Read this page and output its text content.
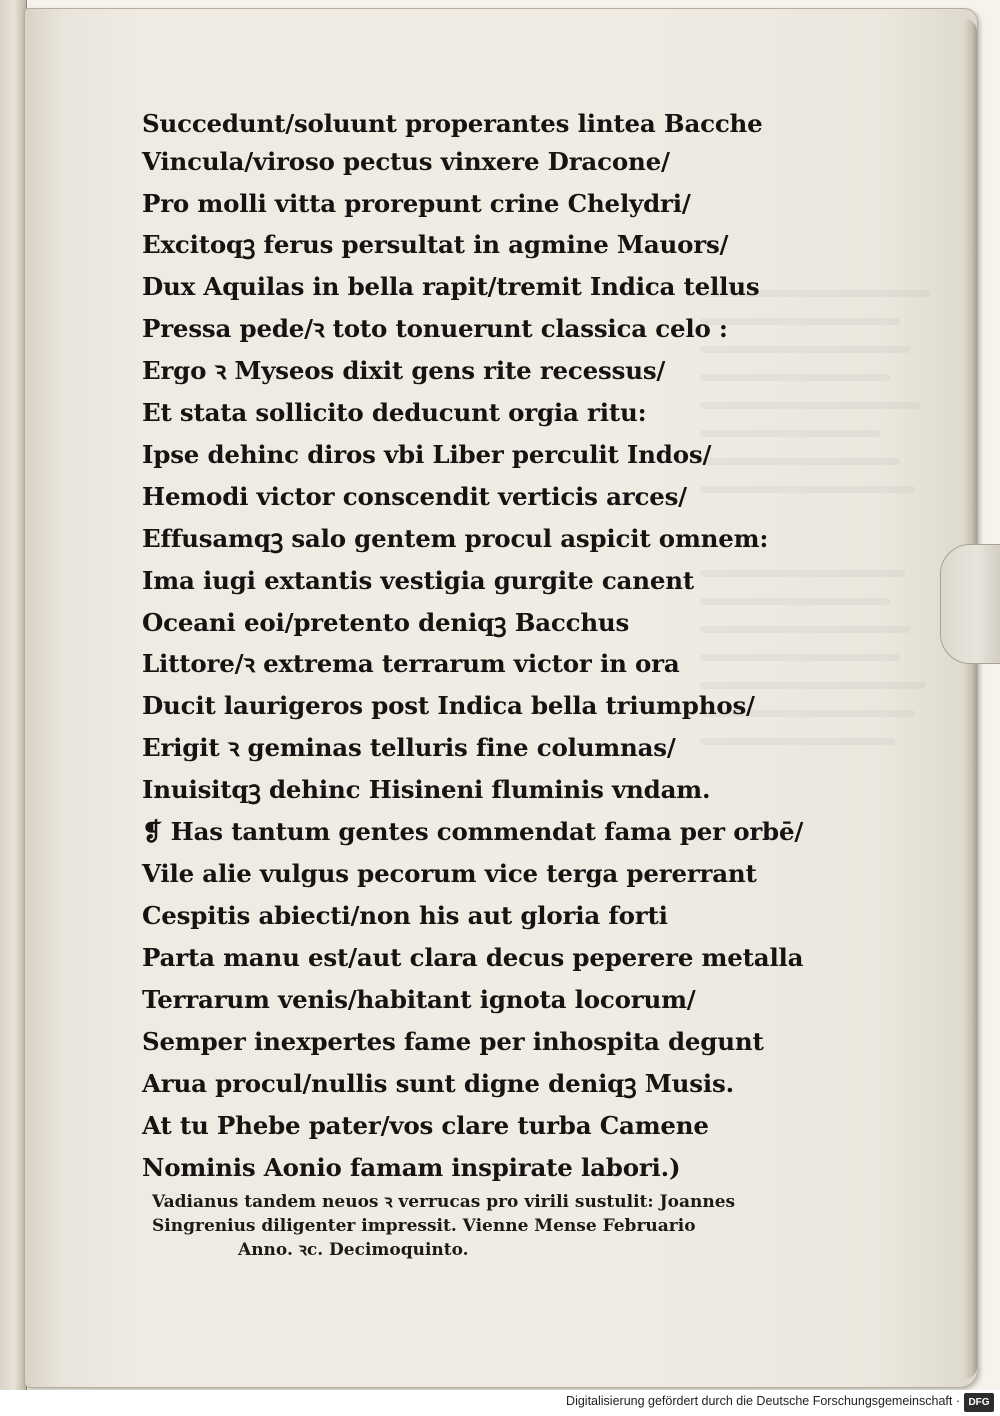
Succedunt/soluunt properantes lintea Bacche
Vincula/viroso pectus vinxere Dracone/
Pro molli vitta prorepunt crine Chelydri/
Excitoqꝫ ferus persultat in agmine Mauors/
Dux Aquilas in bella rapit/tremit Indica tellus
Pressa pede/ꝛ toto tonuerunt classica celo :
Ergo ꝛ Myseos dixit gens rite recessus/
Et stata sollicito deducunt orgia ritu:
Ipse dehinc diros vbi Liber perculit Indos/
Hemodi victor conscendit verticis arces/
Effusamqꝫ salo gentem procul aspicit omnem:
Ima iugi extantis vestigia gurgite canent
Oceani eoi/pretento deniqꝫ Bacchus
Littore/ꝛ extrema terrarum victor in ora
Ducit laurigeros post Indica bella triumphos/
Erigit ꝛ geminas telluris fine columnas/
Inuisitqꝫ dehinc Hisineni fluminis vndam.
❡ Has tantum gentes commendat fama per orbē/
Vile alie vulgus pecorum vice terga pererrant
Cespitis abiecti/non his aut gloria forti
Parta manu est/aut clara decus peperere metalla
Terrarum venis/habitant ignota locorum/
Semper inexpertes fame per inhospita degunt
Arua procul/nullis sunt digne deniqꝫ Musis.
At tu Phebe pater/vos clare turba Camene
Nominis Aonio famam inspirate labori.)
Vadianus tandem neuos ꝛ verrucas pro virili sustulit: Joannes
Singrenius diligenter impressit. Vienne Mense Februario
Anno. ꝛc. Decimoquinto.
Digitalisierung gefördert durch die Deutsche Forschungsgemeinschaft · DFG
